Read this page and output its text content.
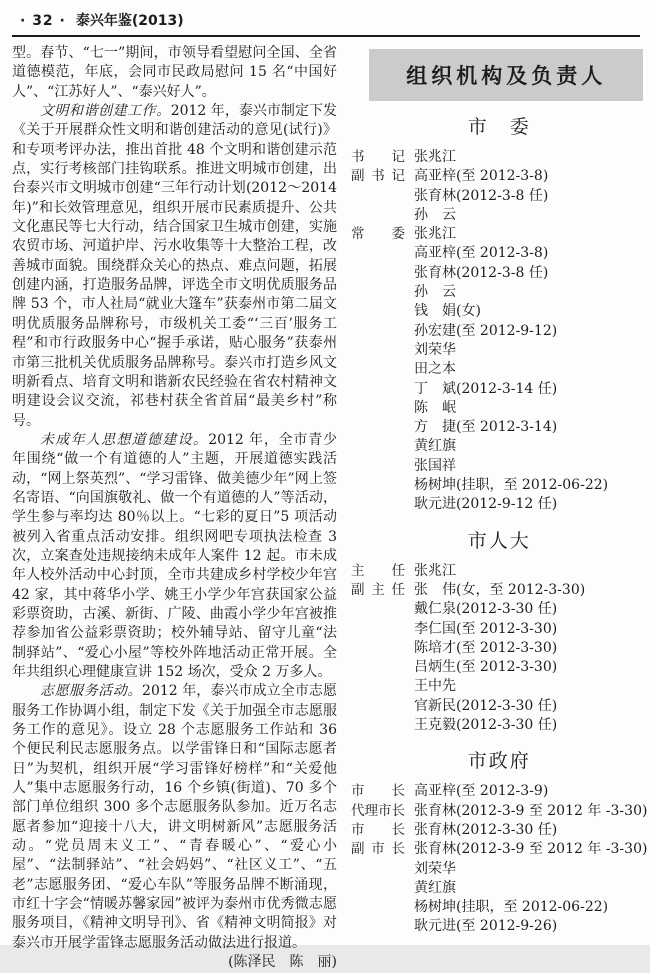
· 32 · 泰兴年鉴(2013)

型。春节、“七一”期间，市领导看望慰问全国、全省道德模范，年底，会同市民政局慰问 15 名“中国好人”、“江苏好人”、“泰兴好人”。

文明和谐创建工作。2012 年，泰兴市制定下发《关于开展群众性文明和谐创建活动的意见(试行)》和专项考评办法，推出首批 48 个文明和谐创建示范点，实行考核部门挂钩联系。推进文明城市创建，出台泰兴市文明城市创建“三年行动计划(2012～2014 年)”和长效管理意见，组织开展市民素质提升、公共文化惠民等七大行动，结合国家卫生城市创建，实施农贸市场、河道护岸、污水收集等十大整治工程，改善城市面貌。围绕群众关心的热点、难点问题，拓展创建内涵，打造服务品牌，评选全市文明优质服务品牌 53 个，市人社局“就业大篷车”获泰州市第二届文明优质服务品牌称号，市级机关工委“‘三百’服务工程”和市行政服务中心“握手承诺，贴心服务”获泰州市第三批机关优质服务品牌称号。泰兴市打造乡风文明新看点、培育文明和谐新农民经验在省农村精神文明建设会议交流，祁巷村获全省首届“最美乡村”称号。

未成年人思想道德建设。2012 年，全市青少年围绕“做一个有道德的人”主题，开展道德实践活动，“网上祭英烈”、“学习雷锋、做美德少年”网上签名寄语、“向国旗敬礼、做一个有道德的人”等活动，学生参与率均达 80％以上。“七彩的夏日”5 项活动被列入省重点活动安排。组织网吧专项执法检查 3 次，立案查处违规接纳未成年人案件 12 起。市未成年人校外活动中心封顶，全市共建成乡村学校少年宫 42 家，其中蒋华小学、姚王小学少年宫获国家公益彩票资助，古溪、新街、广陵、曲霞小学少年宫被推荐参加省公益彩票资助；校外辅导站、留守儿童“法制驿站”、“爱心小屋”等校外阵地活动正常开展。全年共组织心理健康宣讲 152 场次，受众 2 万多人。

志愿服务活动。2012 年，泰兴市成立全市志愿服务工作协调小组，制定下发《关于加强全市志愿服务工作的意见》。设立 28 个志愿服务工作站和 36 个便民利民志愿服务点。以学雷锋日和“国际志愿者日”为契机，组织开展“学习雷锋好榜样”和“关爱他人”集中志愿服务行动，16 个乡镇(街道)、70 多个部门单位组织 300 多个志愿服务队参加。近万名志愿者参加“迎接十八大，讲文明树新风”志愿服务活动。“党员周末义工”、“青春暖心”、“爱心小屋”、“法制驿站”、“社会妈妈”、“社区义工”、“五老”志愿服务团、“爱心车队”等服务品牌不断涌现，市红十字会“情暖苏馨家园”被评为泰州市优秀微志愿服务项目，《精神文明导刊》、省《精神文明简报》对泰兴市开展学雷锋志愿服务活动做法进行报道。
(陈泽民　陈　丽)

组织机构及负责人
市　委
书记 张兆江
副书记 高亚梓(至 2012-3-8)
张育林(2012-3-8 任)
孙　云
常委 张兆江
高亚梓(至 2012-3-8)
张育林(2012-3-8 任)
孙　云
钱　娟(女)
孙宏建(至 2012-9-12)
刘荣华
田之本
丁　斌(2012-3-14 任)
陈　岷
方　捷(至 2012-3-14)
黄红旗
张国祥
杨树坤(挂职，至 2012-06-22)
耿元进(2012-9-12 任)
市人大
主任 张兆江
副主任 张　伟(女，至 2012-3-30)
戴仁泉(2012-3-30 任)
李仁国(至 2012-3-30)
陈培才(至 2012-3-30)
吕炳生(至 2012-3-30)
王中先
官新民(2012-3-30 任)
王克毅(2012-3-30 任)
市政府
市长 高亚梓(至 2012-3-9)
代理市长 张育林(2012-3-9 至 2012 年 -3-30)
市长 张育林(2012-3-30 任)
副市长 张育林(2012-3-9 至 2012 年 -3-30)
刘荣华
黄红旗
杨树坤(挂职，至 2012-06-22)
耿元进(至 2012-9-26)
